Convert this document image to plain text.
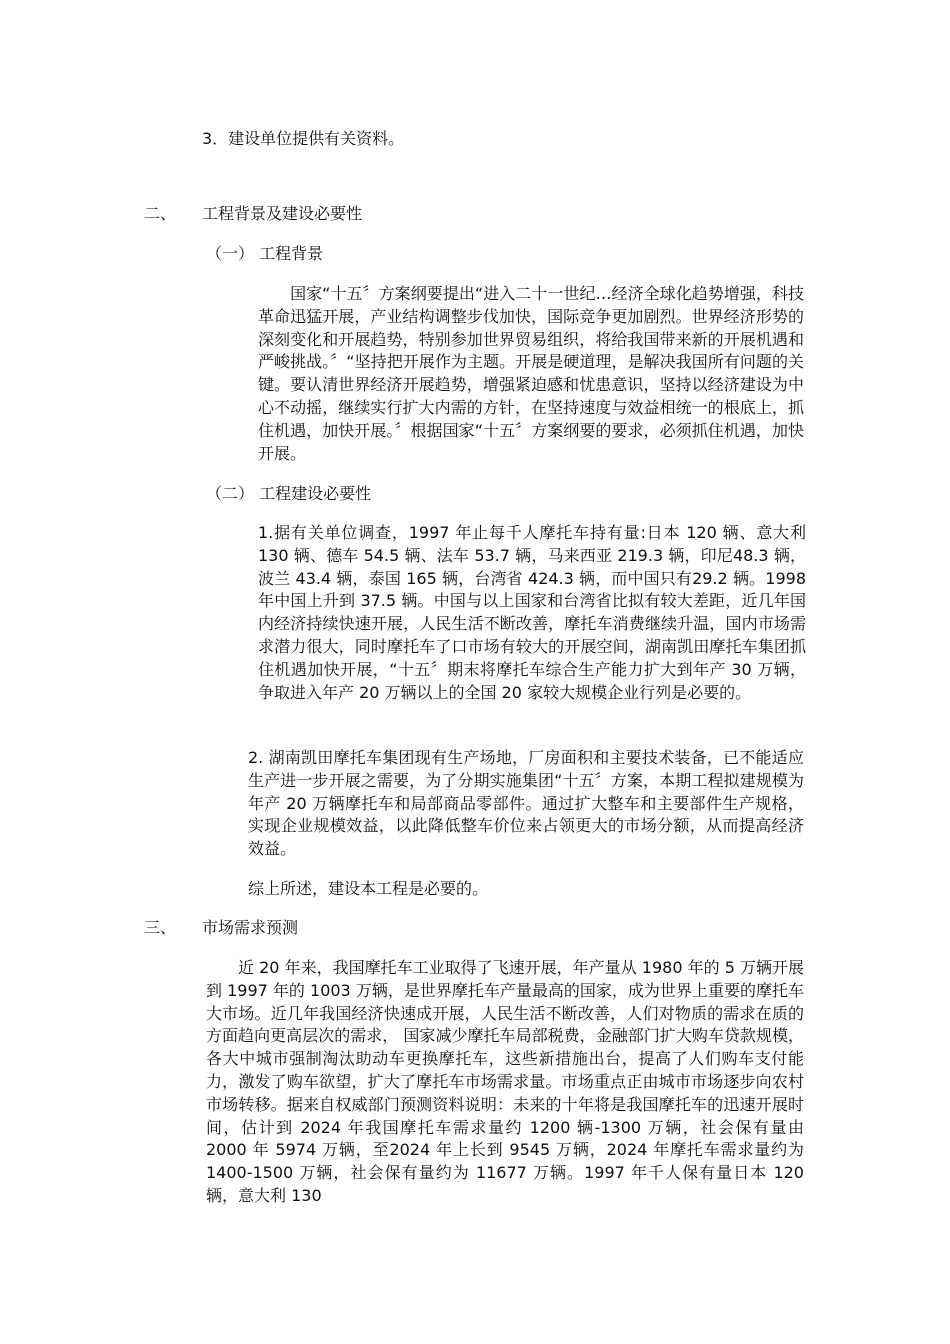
3．建设单位提供有关资料。
二、 工程背景及建设必要性
（一） 工程背景
　　国家“十五〞方案纲要提出“进入二十一世纪…经济全球化趋势增强，科技革命迅猛开展，产业结构调整步伐加快，国际竞争更加剧烈。世界经济形势的深刻变化和开展趋势，特别参加世界贸易组织，将给我国带来新的开展机遇和严峻挑战。〞“坚持把开展作为主题。开展是硬道理，是解决我国所有问题的关键。要认清世界经济开展趋势，增强紧迫感和忧患意识，坚持以经济建设为中心不动摇，继续实行扩大内需的方针，在坚持速度与效益相统一的根底上，抓住机遇，加快开展。〞根据国家“十五〞方案纲要的要求，必须抓住机遇，加快开展。
（二） 工程建设必要性
1.据有关单位调查，1997 年止每千人摩托车持有量:日本 120 辆、意大利 130 辆、德车 54.5 辆、法车 53.7 辆，马来西亚 219.3 辆，印尼48.3 辆，波兰 43.4 辆，泰国 165 辆，台湾省 424.3 辆，而中国只有29.2 辆。1998 年中国上升到 37.5 辆。中国与以上国家和台湾省比拟有较大差距，近几年国内经济持续快速开展，人民生活不断改善，摩托车消费继续升温，国内市场需求潜力很大，同时摩托车了口市场有较大的开展空间，湖南凯田摩托车集团抓住机遇加快开展，“十五〞期末将摩托车综合生产能力扩大到年产 30 万辆，争取进入年产 20 万辆以上的全国 20 家较大规模企业行列是必要的。
2. 湖南凯田摩托车集团现有生产场地，厂房面积和主要技术装备，已不能适应生产进一步开展之需要，为了分期实施集团“十五〞方案，本期工程拟建规模为年产 20 万辆摩托车和局部商品零部件。通过扩大整车和主要部件生产规格，实现企业规模效益，以此降低整车价位来占领更大的市场分额，从而提高经济效益。
综上所述，建设本工程是必要的。
三、 市场需求预测
　　近 20 年来，我国摩托车工业取得了飞速开展，年产量从 1980 年的 5 万辆开展到 1997 年的 1003 万辆，是世界摩托车产量最高的国家，成为世界上重要的摩托车大市场。近几年我国经济快速成开展，人民生活不断改善，人们对物质的需求在质的方面趋向更高层次的需求， 国家减少摩托车局部税费，金融部门扩大购车贷款规模，各大中城市强制淘汰助动车更换摩托车，这些新措施出台，提高了人们购车支付能力，激发了购车欲望，扩大了摩托车市场需求量。市场重点正由城市市场逐步向农村市场转移。据来自权威部门预测资料说明：未来的十年将是我国摩托车的迅速开展时间，估计到 2024 年我国摩托车需求量约 1200 辆-1300 万辆，社会保有量由 2000 年 5974 万辆，至2024 年上长到 9545 万辆，2024 年摩托车需求量约为 1400-1500 万辆，社会保有量约为 11677 万辆。1997 年千人保有量日本 120 辆，意大利 130
